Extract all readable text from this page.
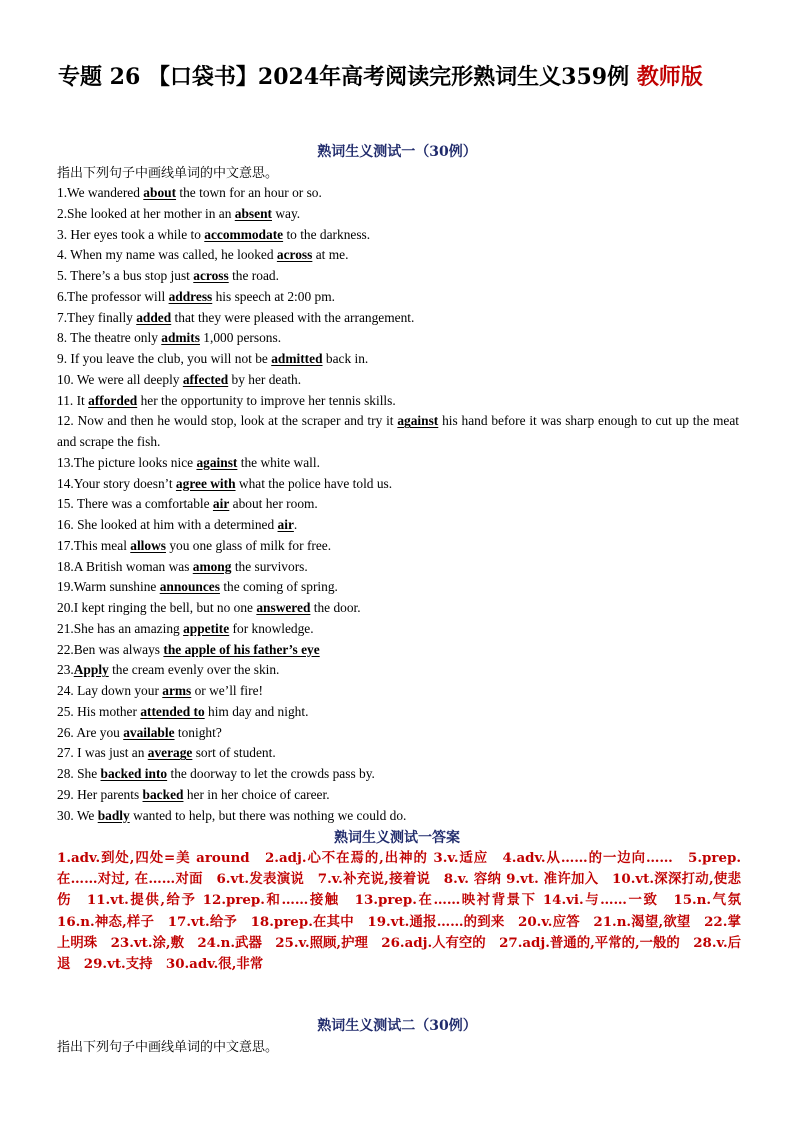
专题 26 【口袋书】2024年高考阅读完形熟词生义359例 教师版
熟词生义测试一（30例）
指出下列句子中画线单词的中文意思。
1.We wandered about the town for an hour or so.
2.She looked at her mother in an absent way.
3. Her eyes took a while to accommodate to the darkness.
4. When my name was called, he looked across at me.
5. There’s a bus stop just across the road.
6.The professor will address his speech at 2:00 pm.
7.They finally added that they were pleased with the arrangement.
8. The theatre only admits 1,000 persons.
9. If you leave the club, you will not be admitted back in.
10. We were all deeply affected by her death.
11. It afforded her the opportunity to improve her tennis skills.
12. Now and then he would stop, look at the scraper and try it against his hand before it was sharp enough to cut up the meat and scrape the fish.
13.The picture looks nice against the white wall.
14.Your story doesn’t agree with what the police have told us.
15. There was a comfortable air about her room.
16. She looked at him with a determined air.
17.This meal allows you one glass of milk for free.
18.A British woman was among the survivors.
19.Warm sunshine announces the coming of spring.
20.I kept ringing the bell, but no one answered the door.
21.She has an amazing appetite for knowledge.
22.Ben was always the apple of his father’s eye
23.Apply the cream evenly over the skin.
24. Lay down your arms or we’ll fire!
25. His mother attended to him day and night.
26. Are you available tonight?
27. I was just an average sort of student.
28. She backed into the doorway to let the crowds pass by.
29. Her parents backed her in her choice of career.
30. We badly wanted to help, but there was nothing we could do.
熟词生义测试一答案
1.adv.到处,四处=美 around　2.adj.心不在焉的,出神的 3.v.适应　4.adv.从……的一边向……　5.prep. 在……对过, 在……对面　6.vt.发表演说　7.v.补充说,接着说　8.v. 容纳 9.vt. 准许加入　10.vt.深深打动,使悲伤　11.vt.提供,给予 12.prep.和……接触　13.prep.在……映衬背景下 14.vi.与……一致　15.n.气氛　16.n.神态,样子　17.vt.给予　18.prep.在其中　19.vt.通报……的到来　20.v.应答　21.n.渴望,欲望　22.掌上明珠　23.vt.涂,敷　24.n.武器　25.v.照顾,护理　26.adj.人有空的　27.adj.普通的,平常的,一般的　28.v.后退　29.vt.支持　30.adv.很,非常
熟词生义测试二（30例）
指出下列句子中画线单词的中文意思。
